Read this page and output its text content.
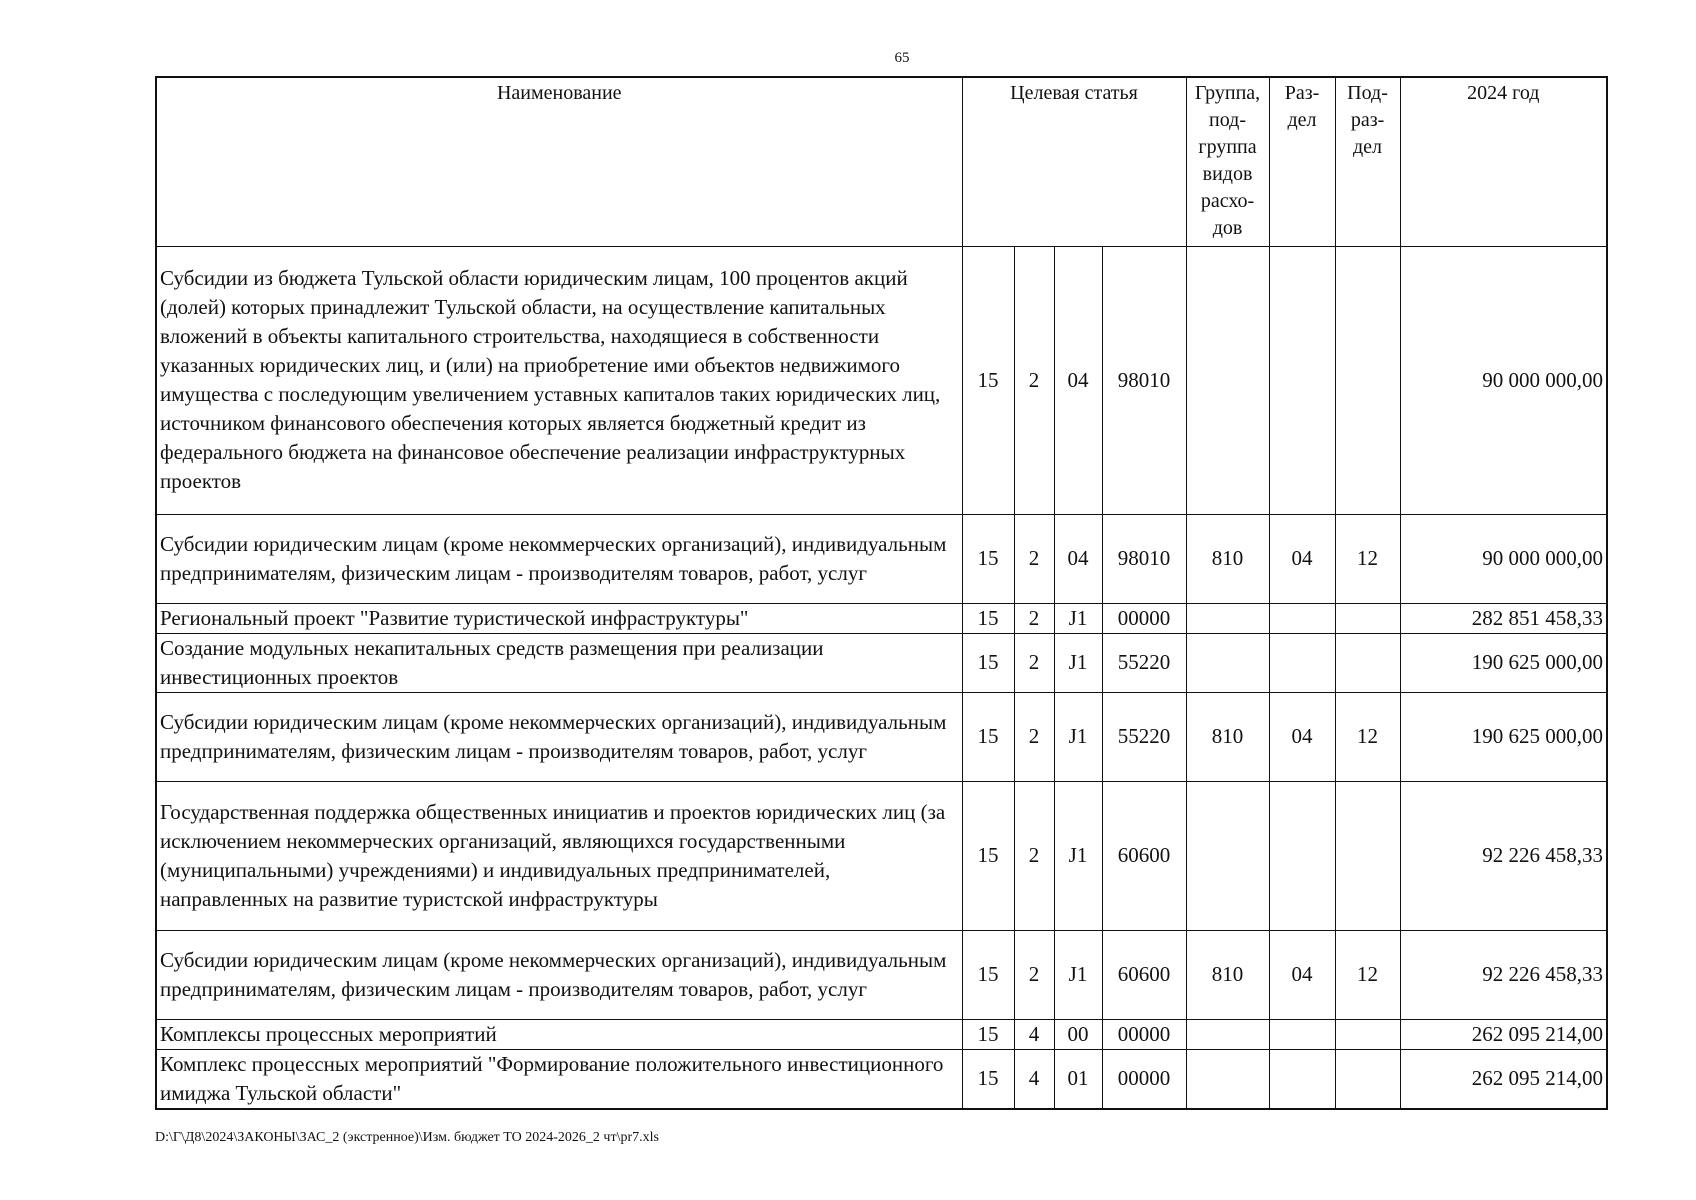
65
Наименование	Целевая статья				Группа, под-группа видов расхо-дов	Раз-дел	Под-раз-дел	2024 год
Субсидии из бюджета Тульской области юридическим лицам, 100 процентов акций (долей) которых принадлежит Тульской области, на осуществление капитальных вложений в объекты капитального строительства, находящиеся в собственности указанных юридических лиц, и (или) на приобретение ими объектов недвижимого имущества с последующим увеличением уставных капиталов таких юридических лиц, источником финансового обеспечения которых является бюджетный кредит из федерального бюджета на финансовое обеспечение реализации инфраструктурных проектов	15	2	04	98010				90 000 000,00
Субсидии юридическим лицам (кроме некоммерческих организаций), индивидуальным предпринимателям, физическим лицам - производителям товаров, работ, услуг	15	2	04	98010	810	04	12	90 000 000,00
Региональный проект "Развитие туристической инфраструктуры"	15	2	J1	00000				282 851 458,33
Создание модульных некапитальных средств размещения при реализации инвестиционных проектов	15	2	J1	55220				190 625 000,00
Субсидии юридическим лицам (кроме некоммерческих организаций), индивидуальным предпринимателям, физическим лицам - производителям товаров, работ, услуг	15	2	J1	55220	810	04	12	190 625 000,00
Государственная поддержка общественных инициатив и проектов юридических лиц (за исключением некоммерческих организаций, являющихся государственными (муниципальными) учреждениями) и индивидуальных предпринимателей, направленных на развитие туристской инфраструктуры	15	2	J1	60600				92 226 458,33
Субсидии юридическим лицам (кроме некоммерческих организаций), индивидуальным предпринимателям, физическим лицам - производителям товаров, работ, услуг	15	2	J1	60600	810	04	12	92 226 458,33
Комплексы процессных мероприятий	15	4	00	00000				262 095 214,00
Комплекс процессных мероприятий "Формирование положительного инвестиционного имиджа Тульской области"	15	4	01	00000				262 095 214,00
D:\Г\Д8\2024\ЗАКОНЫ\ЗАС_2 (экстренное)\Изм. бюджет ТО 2024-2026_2 чт\pr7.xls
